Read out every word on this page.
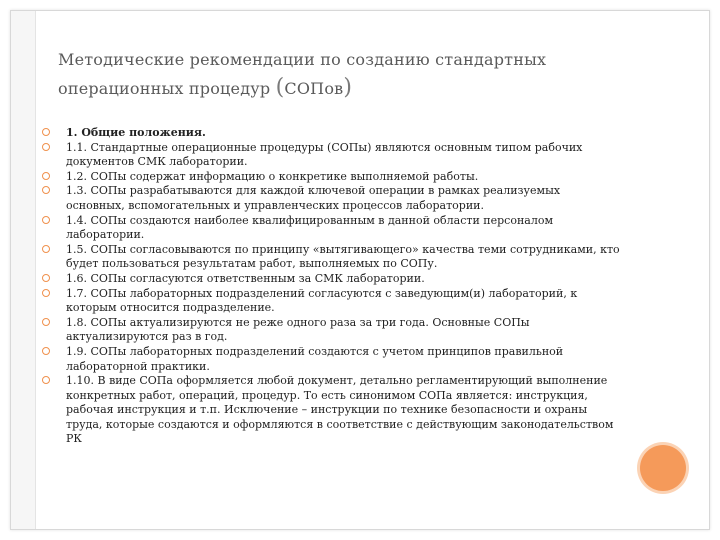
Методические рекомендации по созданию стандартных
операционных процедур (СОПов)
1. Общие положения.
1.1. Стандартные операционные процедуры (СОПы) являются основным типом рабочих документов СМК лаборатории.
1.2. СОПы содержат информацию о конкретике выполняемой работы.
1.3. СОПы разрабатываются для каждой ключевой операции в рамках реализуемых основных, вспомогательных и управленческих процессов лаборатории.
1.4. СОПы создаются наиболее квалифицированным в данной области персоналом лаборатории.
1.5. СОПы согласовываются по принципу «вытягивающего» качества теми сотрудниками, кто будет пользоваться результатам работ, выполняемых по СОПу.
1.6. СОПы согласуются ответственным за СМК лаборатории.
1.7. СОПы лабораторных подразделений согласуются с заведующим(и) лабораторий, к которым относится подразделение.
1.8. СОПы актуализируются не реже одного раза за три года. Основные СОПы актуализируются раз в год.
1.9. СОПы лабораторных подразделений создаются с учетом принципов правильной лабораторной практики.
1.10. В виде СОПа оформляется любой документ, детально регламентирующий выполнение конкретных работ, операций, процедур. То есть синонимом СОПа является: инструкция, рабочая инструкция и т.п. Исключение – инструкции по технике безопасности и охраны труда, которые создаются и оформляются в соответствие с действующим законодательством РК
